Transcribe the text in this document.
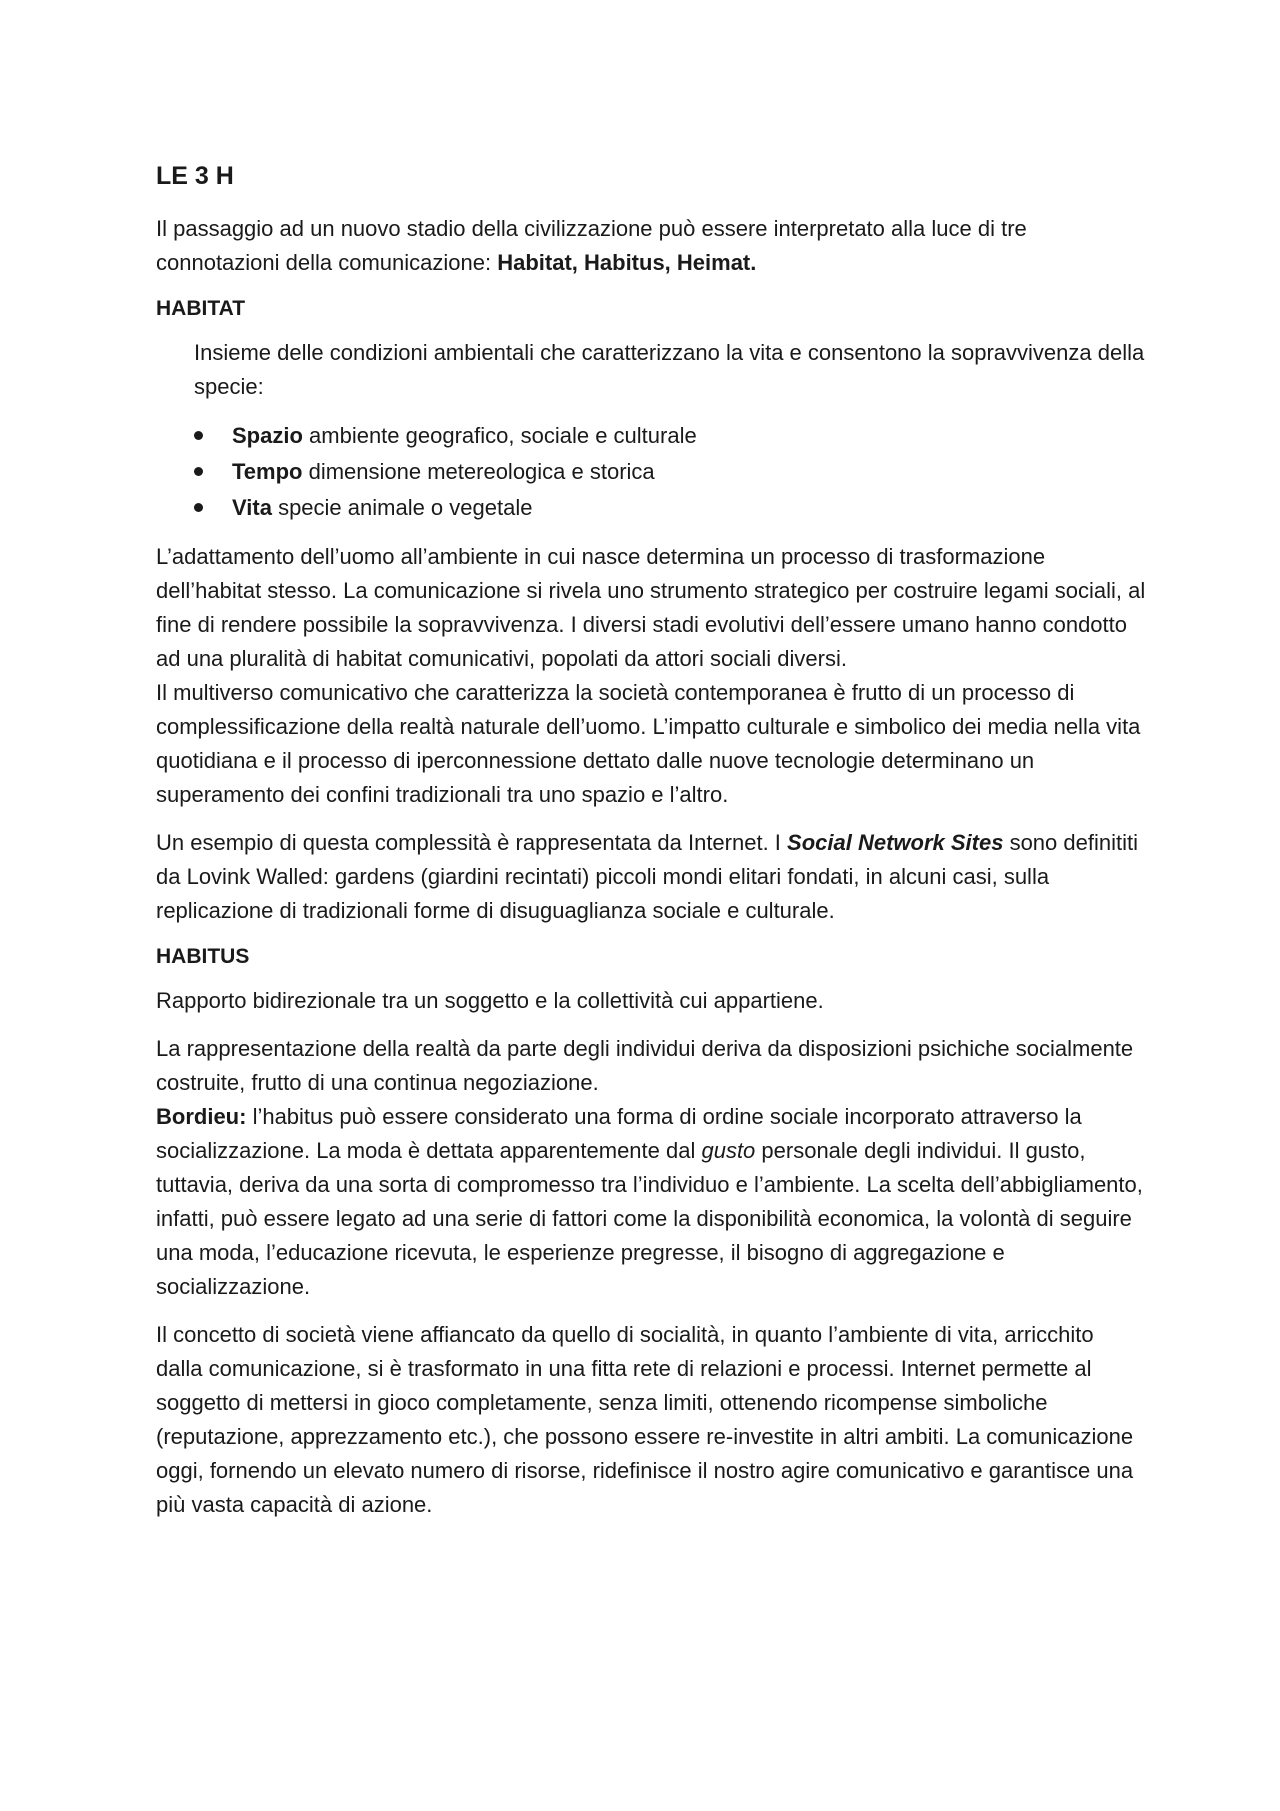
LE 3 H

Il passaggio ad un nuovo stadio della civilizzazione può essere interpretato alla luce di tre connotazioni della comunicazione: Habitat, Habitus, Heimat.

HABITAT

Insieme delle condizioni ambientali che caratterizzano la vita e consentono la sopravvivenza della specie:

Spazio ambiente geografico, sociale e culturale
Tempo dimensione metereologica e storica
Vita specie animale o vegetale

L’adattamento dell’uomo all’ambiente in cui nasce determina un processo di trasformazione dell’habitat stesso. La comunicazione si rivela uno strumento strategico per costruire legami sociali, al fine di rendere possibile la sopravvivenza. I diversi stadi evolutivi dell’essere umano hanno condotto ad una pluralità di habitat comunicativi, popolati da attori sociali diversi.

Il multiverso comunicativo che caratterizza la società contemporanea è frutto di un processo di complessificazione della realtà naturale dell’uomo. L’impatto culturale e simbolico dei media nella vita quotidiana e il processo di iperconnessione dettato dalle nuove tecnologie determinano un superamento dei confini tradizionali tra uno spazio e l’altro.

Un esempio di questa complessità è rappresentata da Internet. I Social Network Sites sono definititi da Lovink Walled: gardens (giardini recintati) piccoli mondi elitari fondati, in alcuni casi, sulla replicazione di tradizionali forme di disuguaglianza sociale e culturale.

HABITUS

Rapporto bidirezionale tra un soggetto e la collettività cui appartiene.

La rappresentazione della realtà da parte degli individui deriva da disposizioni psichiche socialmente costruite, frutto di una continua negoziazione.

Bordieu: l’habitus può essere considerato una forma di ordine sociale incorporato attraverso la socializzazione. La moda è dettata apparentemente dal gusto personale degli individui. Il gusto, tuttavia, deriva da una sorta di compromesso tra l’individuo e l’ambiente. La scelta dell’abbigliamento, infatti, può essere legato ad una serie di fattori come la disponibilità economica, la volontà di seguire una moda, l’educazione ricevuta, le esperienze pregresse, il bisogno di aggregazione e socializzazione.

Il concetto di società viene affiancato da quello di socialità, in quanto l’ambiente di vita, arricchito dalla comunicazione, si è trasformato in una fitta rete di relazioni e processi. Internet permette al soggetto di mettersi in gioco completamente, senza limiti, ottenendo ricompense simboliche (reputazione, apprezzamento etc.), che possono essere re-investite in altri ambiti. La comunicazione oggi, fornendo un elevato numero di risorse, ridefinisce il nostro agire comunicativo e garantisce una più vasta capacità di azione.
